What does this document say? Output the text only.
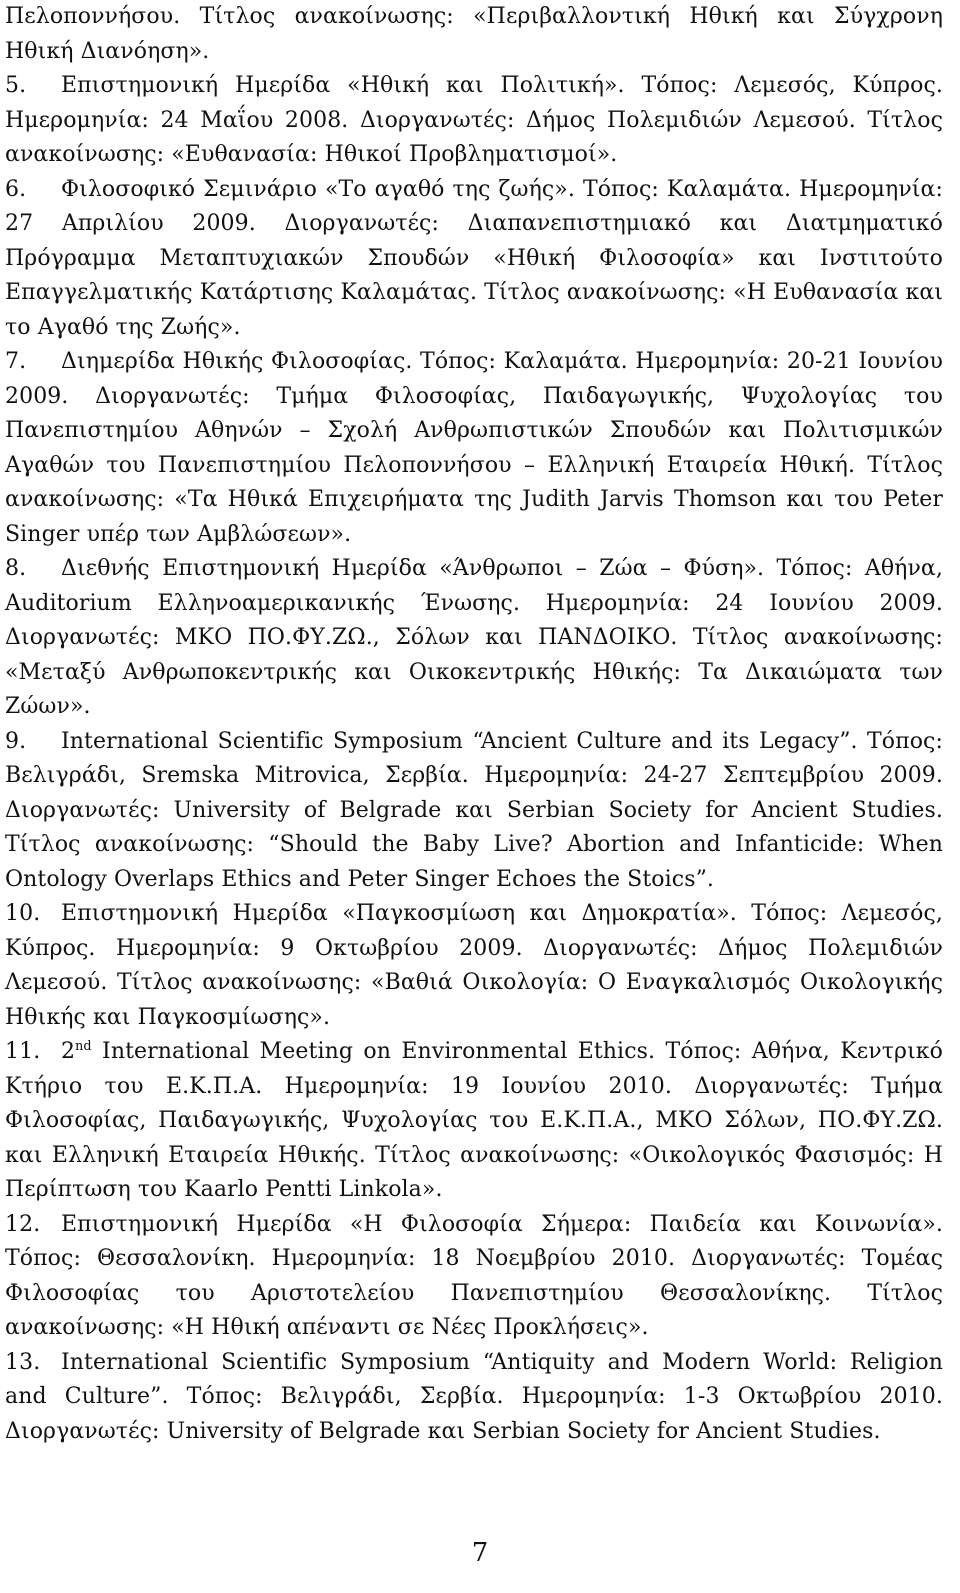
Πελοποννήσου. Τίτλος ανακοίνωσης: «Περιβαλλοντική Ηθική και Σύγχρονη Ηθική Διανόηση».
5. Επιστημονική Ημερίδα «Ηθική και Πολιτική». Τόπος: Λεμεσός, Κύπρος. Ημερομηνία: 24 Μαΐου 2008. Διοργανωτές: Δήμος Πολεμιδιών Λεμεσού. Τίτλος ανακοίνωσης: «Ευθανασία: Ηθικοί Προβληματισμοί».
6. Φιλοσοφικό Σεμινάριο «Το αγαθό της ζωής». Τόπος: Καλαμάτα. Ημερομηνία: 27 Απριλίου 2009. Διοργανωτές: Διαπανεπιστημιακό και Διατμηματικό Πρόγραμμα Μεταπτυχιακών Σπουδών «Ηθική Φιλοσοφία» και Ινστιτούτο Επαγγελματικής Κατάρτισης Καλαμάτας. Τίτλος ανακοίνωσης: «Η Ευθανασία και το Αγαθό της Ζωής».
7. Διημερίδα Ηθικής Φιλοσοφίας. Τόπος: Καλαμάτα. Ημερομηνία: 20-21 Ιουνίου 2009. Διοργανωτές: Τμήμα Φιλοσοφίας, Παιδαγωγικής, Ψυχολογίας του Πανεπιστημίου Αθηνών – Σχολή Ανθρωπιστικών Σπουδών και Πολιτισμικών Αγαθών του Πανεπιστημίου Πελοποννήσου – Ελληνική Εταιρεία Ηθική. Τίτλος ανακοίνωσης: «Τα Ηθικά Επιχειρήματα της Judith Jarvis Thomson και του Peter Singer υπέρ των Αμβλώσεων».
8. Διεθνής Επιστημονική Ημερίδα «Άνθρωποι – Ζώα – Φύση». Τόπος: Αθήνα, Auditorium Ελληνοαμερικανικής Ένωσης. Ημερομηνία: 24 Ιουνίου 2009. Διοργανωτές: ΜΚΟ ΠΟ.ΦΥ.ΖΩ., Σόλων και ΠΑΝΔΟΙΚΟ. Τίτλος ανακοίνωσης: «Μεταξύ Ανθρωποκεντρικής και Οικοκεντρικής Ηθικής: Τα Δικαιώματα των Ζώων».
9. International Scientific Symposium “Ancient Culture and its Legacy”. Τόπος: Βελιγράδι, Sremska Mitrovica, Σερβία. Ημερομηνία: 24-27 Σεπτεμβρίου 2009. Διοργανωτές: University of Belgrade και Serbian Society for Ancient Studies. Τίτλος ανακοίνωσης: “Should the Baby Live? Abortion and Infanticide: When Ontology Overlaps Ethics and Peter Singer Echoes the Stoics”.
10. Επιστημονική Ημερίδα «Παγκοσμίωση και Δημοκρατία». Τόπος: Λεμεσός, Κύπρος. Ημερομηνία: 9 Οκτωβρίου 2009. Διοργανωτές: Δήμος Πολεμιδιών Λεμεσού. Τίτλος ανακοίνωσης: «Βαθιά Οικολογία: Ο Εναγκαλισμός Οικολογικής Ηθικής και Παγκοσμίωσης».
11. 2nd International Meeting on Environmental Ethics. Τόπος: Αθήνα, Κεντρικό Κτήριο του Ε.Κ.Π.Α. Ημερομηνία: 19 Ιουνίου 2010. Διοργανωτές: Τμήμα Φιλοσοφίας, Παιδαγωγικής, Ψυχολογίας του Ε.Κ.Π.Α., ΜΚΟ Σόλων, ΠΟ.ΦΥ.ΖΩ. και Ελληνική Εταιρεία Ηθικής. Τίτλος ανακοίνωσης: «Οικολογικός Φασισμός: Η Περίπτωση του Kaarlo Pentti Linkola».
12. Επιστημονική Ημερίδα «Η Φιλοσοφία Σήμερα: Παιδεία και Κοινωνία». Τόπος: Θεσσαλονίκη. Ημερομηνία: 18 Νοεμβρίου 2010. Διοργανωτές: Τομέας Φιλοσοφίας του Αριστοτελείου Πανεπιστημίου Θεσσαλονίκης. Τίτλος ανακοίνωσης: «Η Ηθική απέναντι σε Νέες Προκλήσεις».
13. International Scientific Symposium “Antiquity and Modern World: Religion and Culture”. Τόπος: Βελιγράδι, Σερβία. Ημερομηνία: 1-3 Οκτωβρίου 2010. Διοργανωτές: University of Belgrade και Serbian Society for Ancient Studies.
7
